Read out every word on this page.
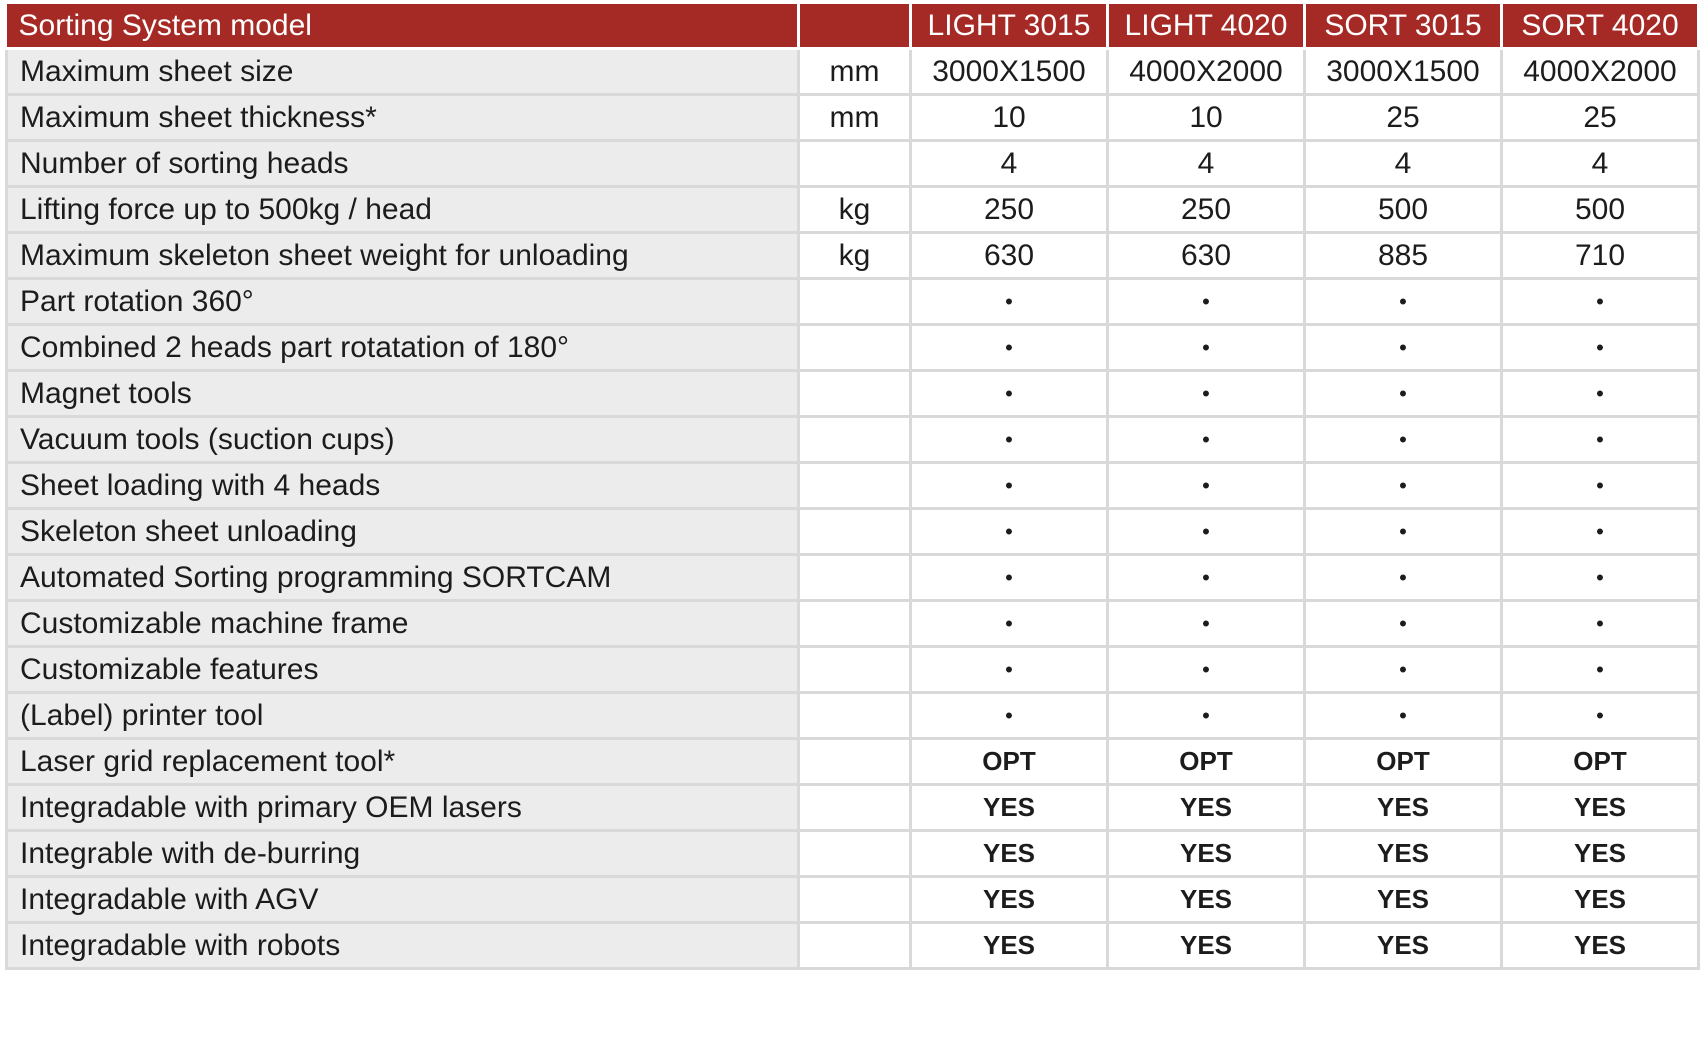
Sorting System model		LIGHT 3015	LIGHT 4020	SORT 3015	SORT 4020
Maximum sheet size	mm	3000X1500	4000X2000	3000X1500	4000X2000
Maximum sheet thickness*	mm	10	10	25	25
Number of sorting heads		4	4	4	4
Lifting force up to 500kg / head	kg	250	250	500	500
Maximum skeleton sheet weight for unloading	kg	630	630	885	710
Part rotation 360°		•	•	•	•
Combined 2 heads part rotatation of 180°		•	•	•	•
Magnet tools		•	•	•	•
Vacuum tools (suction cups)		•	•	•	•
Sheet loading with 4 heads		•	•	•	•
Skeleton sheet unloading		•	•	•	•
Automated Sorting programming SORTCAM		•	•	•	•
Customizable machine frame		•	•	•	•
Customizable features		•	•	•	•
(Label) printer tool		•	•	•	•
Laser grid replacement tool*		OPT	OPT	OPT	OPT
Integradable with primary OEM lasers		YES	YES	YES	YES
Integrable with de-burring		YES	YES	YES	YES
Integradable with AGV		YES	YES	YES	YES
Integradable with robots		YES	YES	YES	YES
